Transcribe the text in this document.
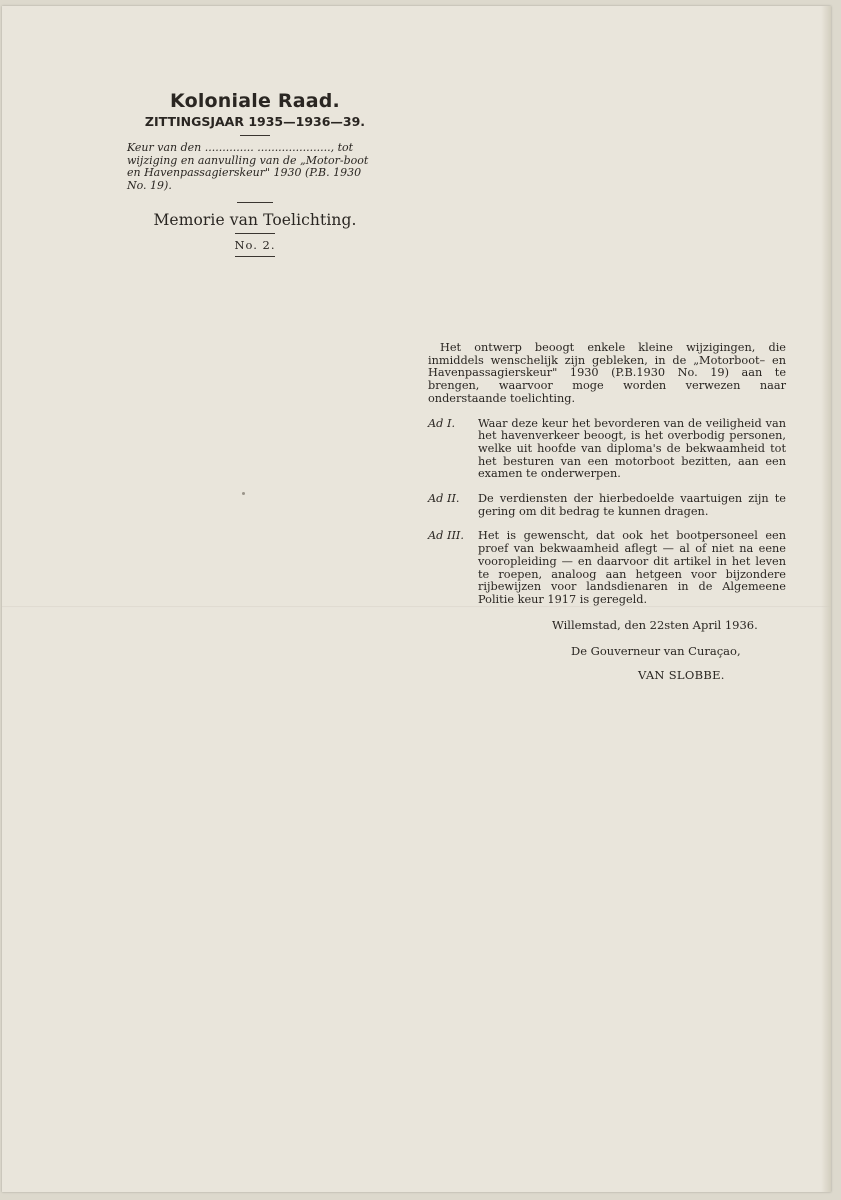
Koloniale Raad.
ZITTINGSJAAR 1935—1936—39.
Keur van den .............. ....................., tot wijziging en aanvulling van de „Motor-boot en Havenpassagierskeur" 1930 (P.B. 1930 No. 19).
Memorie van Toelichting.
No. 2.

Het ontwerp beoogt enkele kleine wijzigingen, die inmiddels wenschelijk zijn gebleken, in de „Motorboot– en Havenpassagierskeur" 1930 (P.B.1930 No. 19) aan te brengen, waarvoor moge worden verwezen naar onderstaande toelichting.

Ad I.	Waar deze keur het bevorderen van de veiligheid van het havenverkeer beoogt, is het overbodig personen, welke uit hoofde van diploma's de bekwaamheid tot het besturen van een motorboot bezitten, aan een examen te onderwerpen.
Ad II.	De verdiensten der hierbedoelde vaartuigen zijn te gering om dit bedrag te kunnen dragen.
Ad III.	Het is gewenscht, dat ook het bootpersoneel een proef van bekwaamheid aflegt — al of niet na eene vooropleiding — en daarvoor dit artikel in het leven te roepen, analoog aan hetgeen voor bijzondere rijbewijzen voor landsdienaren in de Algemeene Politie keur 1917 is geregeld.
Willemstad, den 22sten April 1936.
De Gouverneur van Curaçao,
VAN SLOBBE.
